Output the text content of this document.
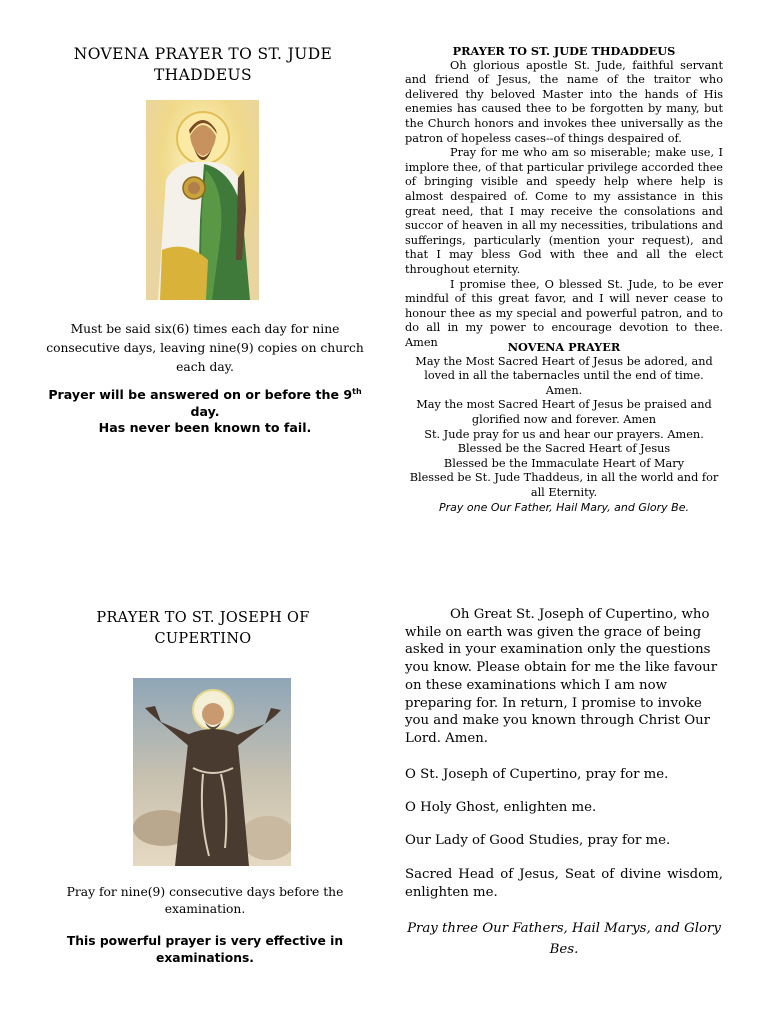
NOVENA PRAYER TO ST. JUDE THADDEUS
Must be said six(6) times each day for nine consecutive days, leaving nine(9) copies on church each day.
Prayer will be answered on or before the 9th day.
Has never been known to fail.
PRAYER TO ST. JUDE THDADDEUS

Oh glorious apostle St. Jude, faithful servant and friend of Jesus, the name of the traitor who delivered thy beloved Master into the hands of His enemies has caused thee to be forgotten by many, but the Church honors and invokes thee universally as the patron of hopeless cases--of things despaired of.

Pray for me who am so miserable; make use, I implore thee, of that particular privilege accorded thee of bringing visible and speedy help where help is almost despaired of. Come to my assistance in this great need, that I may receive the consolations and succor of heaven in all my necessities, tribulations and sufferings, particularly (mention your request), and that I may bless God with thee and all the elect throughout eternity.

I promise thee, O blessed St. Jude, to be ever mindful of this great favor, and I will never cease to honour thee as my special and powerful patron, and to do all in my power to encourage devotion to thee. Amen	NOVENA PRAYER
May the Most Sacred Heart of Jesus be adored, and loved in all the tabernacles until the end of time. Amen.
May the most Sacred Heart of Jesus be praised and glorified now and forever. Amen
St. Jude pray for us and hear our prayers. Amen.
Blessed be the Sacred Heart of Jesus
Blessed be the Immaculate Heart of Mary
Blessed be St. Jude Thaddeus, in all the world and for all Eternity.
Pray one Our Father, Hail Mary, and Glory Be.
PRAYER TO ST. JOSEPH OF CUPERTINO
Pray for nine(9) consecutive days before the examination.
This powerful prayer is very effective in examinations.

Oh Great St. Joseph of Cupertino, who while on earth was given the grace of being asked in your examination only the questions you know. Please obtain for me the like favour on these examinations which I am now preparing for. In return, I promise to invoke you and make you known through Christ Our Lord. Amen.

O St. Joseph of Cupertino, pray for me.
O Holy Ghost, enlighten me.
Our Lady of Good Studies, pray for me.
Sacred Head of Jesus, Seat of divine wisdom, enlighten me.
Pray three Our Fathers, Hail Marys, and Glory Bes.
